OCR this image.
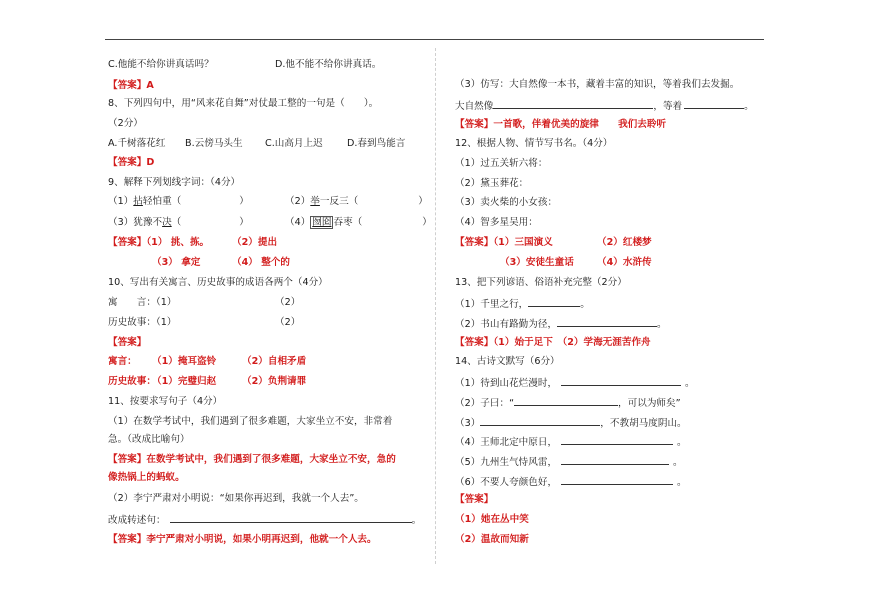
C.他能不给你讲真话吗？	D.他不能不给你讲真话。
【答案】A
8、下列四句中，用“风来花自舞”对仗最工整的一句是（　　）。
（2分）
A.千树落花红 B.云傍马头生 C.山高月上迟	D.春到鸟能言
【答案】D
9、解释下列划线字词：（4分）
（1）拈轻怕重（	）	（2）举一反三（	）
（3）犹豫不决（	）	（4） 囫囵 吞枣（	）
【答案】（1） 挑、拣。 （2）提出
（3） 拿定	（4） 整个的
10、写出有关寓言、历史故事的成语各两个（4分）
寓　　言：（1）	（2）
历史故事：（1）	（2）
【答案】
寓言： （1）掩耳盗铃	（2）自相矛盾
历史故事：
（1）完璧归赵	（2）负荆请罪
11、按要求写句子（4分）
（1）在数学考试中，我们遇到了很多难题，大家坐立不安，非常着
急。（改成比喻句）
【答案】在数学考试中，我们遇到了很多难题，大家坐立不安，急的
像热锅上的蚂蚁。
（2）李宁严肃对小明说：“如果你再迟到，我就一个人去”。
改成转述句：	。
【答案】李宁严肃对小明说，如果小明再迟到，他就一个人去。
（3）仿写：大自然像一本书，藏着丰富的知识，等着我们去发掘。
大自然像	，等着	。
【答案】一首歌，伴着优美的旋律　　我们去聆听
12、根据人物、情节写书名。（4分）
（1）过五关斩六将：
（2）黛玉葬花：
（3）卖火柴的小女孩：
（4）智多星吴用：
【答案】（1）三国演义	（2）红楼梦
（3）安徒生童话 （4）水浒传
13、把下列谚语、俗语补充完整（2分）
（1）千里之行，	。
（2）书山有路勤为径，	。
【答案】（1）始于足下　（2）学海无涯苦作舟
14、古诗文默写（6分）
（1）待到山花烂漫时，	。
（2）子曰：“	，可以为师矣”
（3）	，不教胡马度阴山。
（4）王师北定中原日，	。
（5）九州生气恃风雷，	。
（6）不要人夸颜色好，	。
【答案】
（1）她在丛中笑
（2）温故而知新
